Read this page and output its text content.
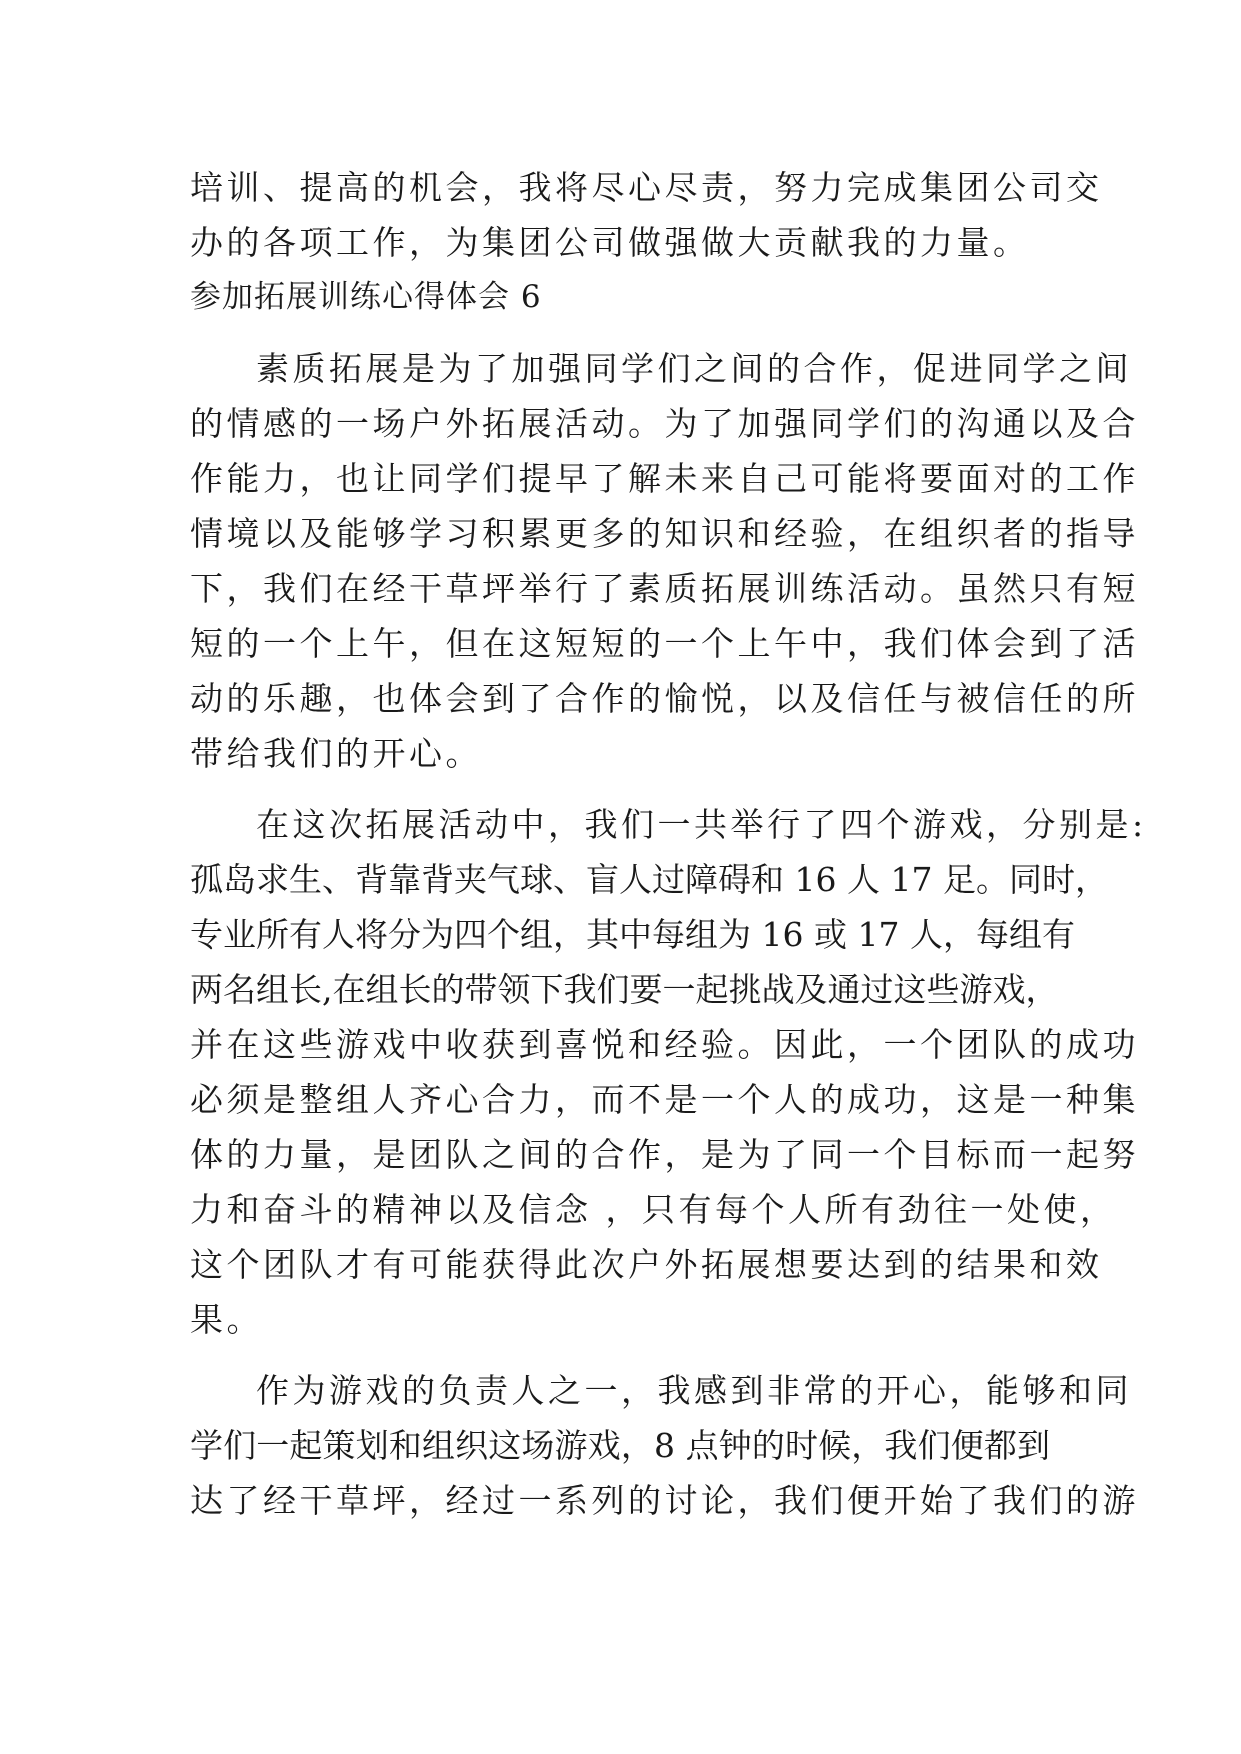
培训、提高的机会，我将尽心尽责，努力完成集团公司交
办的各项工作，为集团公司做强做大贡献我的力量。
参加拓展训练心得体会 6
素质拓展是为了加强同学们之间的合作，促进同学之间
的情感的一场户外拓展活动。为了加强同学们的沟通以及合
作能力，也让同学们提早了解未来自己可能将要面对的工作
情境以及能够学习积累更多的知识和经验，在组织者的指导
下，我们在经干草坪举行了素质拓展训练活动。虽然只有短
短的一个上午，但在这短短的一个上午中，我们体会到了活
动的乐趣，也体会到了合作的愉悦，以及信任与被信任的所
带给我们的开心。
在这次拓展活动中，我们一共举行了四个游戏，分别是:
孤岛求生、背靠背夹气球、盲人过障碍和 16 人 17 足。同时，
专业所有人将分为四个组，其中每组为 16 或 17 人，每组有
两名组长,在组长的带领下我们要一起挑战及通过这些游戏，
并在这些游戏中收获到喜悦和经验。因此，一个团队的成功
必须是整组人齐心合力，而不是一个人的成功，这是一种集
体的力量，是团队之间的合作，是为了同一个目标而一起努
力和奋斗的精神以及信念 ，只有每个人所有劲往一处使，
这个团队才有可能获得此次户外拓展想要达到的结果和效
果。
作为游戏的负责人之一，我感到非常的开心，能够和同
学们一起策划和组织这场游戏，8 点钟的时候，我们便都到
达了经干草坪，经过一系列的讨论，我们便开始了我们的游
